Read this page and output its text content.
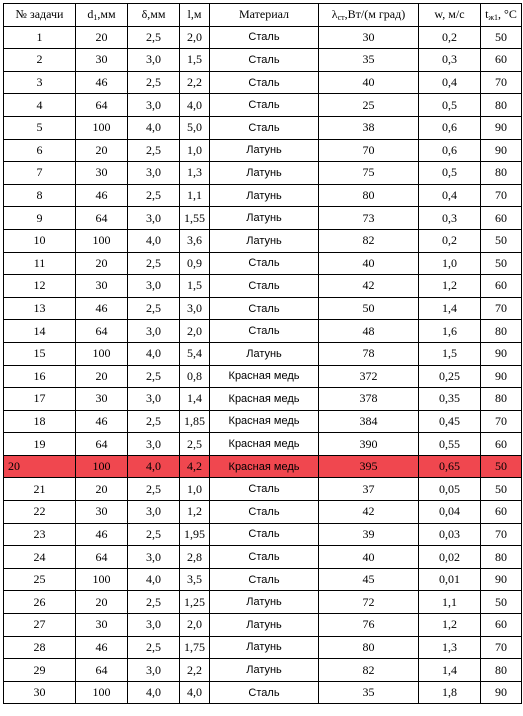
№ задачи	$d_1,мм$	δ,мм	l,м	Материал	$\lambda_{ст},Вт/(м$ град)	w, м/с	$t_{ж1}$, °С
1	20	2,5	2,0	Сталь	30	0,2	50
2	30	3,0	1,5	Сталь	35	0,3	60
3	46	2,5	2,2	Сталь	40	0,4	70
4	64	3,0	4,0	Сталь	25	0,5	80
5	100	4,0	5,0	Сталь	38	0,6	90
6	20	2,5	1,0	Латунь	70	0,6	90
7	30	3,0	1,3	Латунь	75	0,5	80
8	46	2,5	1,1	Латунь	80	0,4	70
9	64	3,0	1,55	Латунь	73	0,3	60
10	100	4,0	3,6	Латунь	82	0,2	50
11	20	2,5	0,9	Сталь	40	1,0	50
12	30	3,0	1,5	Сталь	42	1,2	60
13	46	2,5	3,0	Сталь	50	1,4	70
14	64	3,0	2,0	Сталь	48	1,6	80
15	100	4,0	5,4	Латунь	78	1,5	90
16	20	2,5	0,8	Красная медь	372	0,25	90
17	30	3,0	1,4	Красная медь	378	0,35	80
18	46	2,5	1,85	Красная медь	384	0,45	70
19	64	3,0	2,5	Красная медь	390	0,55	60
20	100	4,0	4,2	Красная медь	395	0,65	50
21	20	2,5	1,0	Сталь	37	0,05	50
22	30	3,0	1,2	Сталь	42	0,04	60
23	46	2,5	1,95	Сталь	39	0,03	70
24	64	3,0	2,8	Сталь	40	0,02	80
25	100	4,0	3,5	Сталь	45	0,01	90
26	20	2,5	1,25	Латунь	72	1,1	50
27	30	3,0	2,0	Латунь	76	1,2	60
28	46	2,5	1,75	Латунь	80	1,3	70
29	64	3,0	2,2	Латунь	82	1,4	80
30	100	4,0	4,0	Сталь	35	1,8	90
